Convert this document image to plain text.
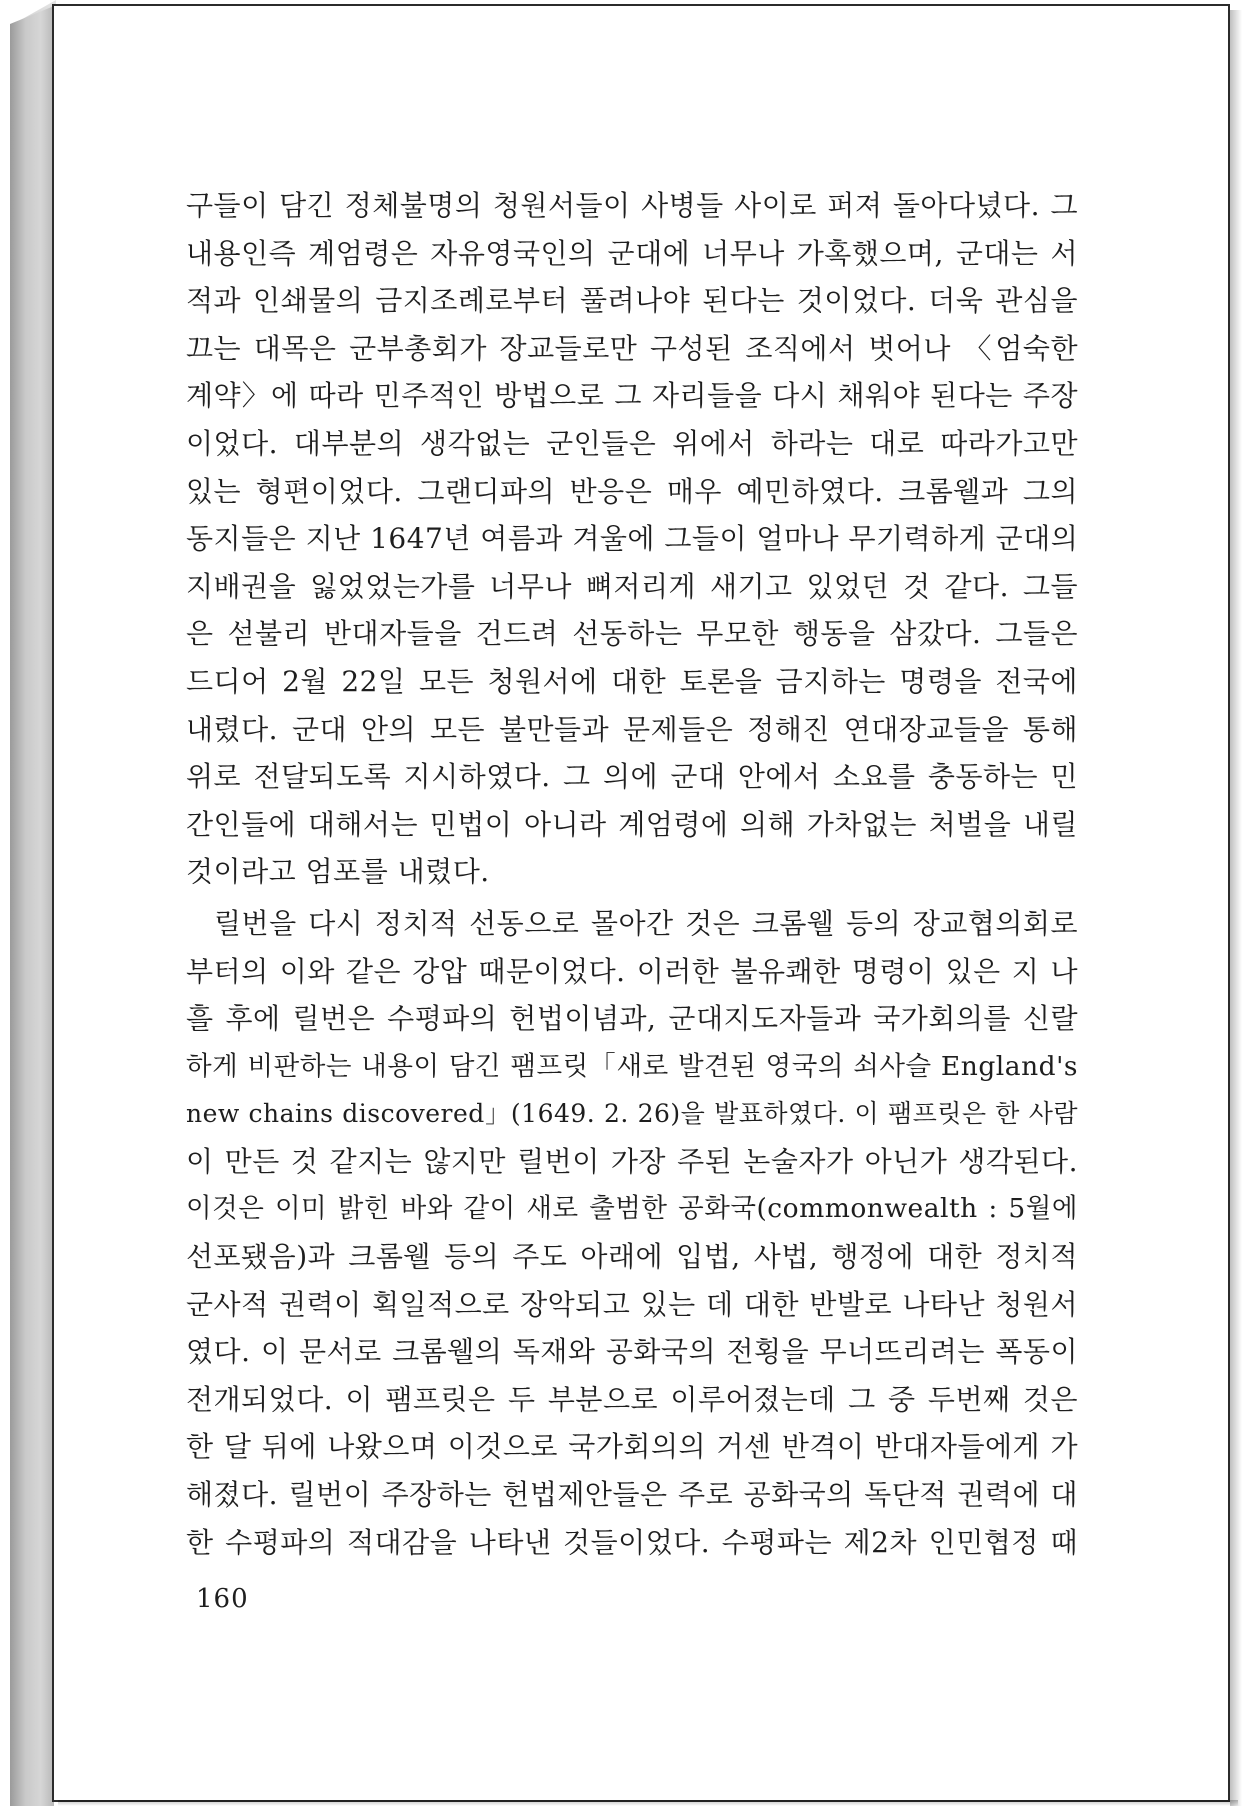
구들이 담긴 정체불명의 청원서들이 사병들 사이로 퍼져 돌아다녔다. 그
내용인즉 계엄령은 자유영국인의 군대에 너무나 가혹했으며, 군대는 서
적과 인쇄물의 금지조례로부터 풀려나야 된다는 것이었다. 더욱 관심을
끄는 대목은 군부총회가 장교들로만 구성된 조직에서 벗어나 〈엄숙한
계약〉에 따라 민주적인 방법으로 그 자리들을 다시 채워야 된다는 주장
이었다. 대부분의 생각없는 군인들은 위에서 하라는 대로 따라가고만
있는 형편이었다. 그랜디파의 반응은 매우 예민하였다. 크롬웰과 그의
동지들은 지난 1647년 여름과 겨울에 그들이 얼마나 무기력하게 군대의
지배권을 잃었었는가를 너무나 뼈저리게 새기고 있었던 것 같다. 그들
은 섣불리 반대자들을 건드려 선동하는 무모한 행동을 삼갔다. 그들은
드디어 2월 22일 모든 청원서에 대한 토론을 금지하는 명령을 전국에
내렸다. 군대 안의 모든 불만들과 문제들은 정해진 연대장교들을 통해
위로 전달되도록 지시하였다. 그 의에 군대 안에서 소요를 충동하는 민
간인들에 대해서는 민법이 아니라 계엄령에 의해 가차없는 처벌을 내릴
것이라고 엄포를 내렸다.
릴번을 다시 정치적 선동으로 몰아간 것은 크롬웰 등의 장교협의회로
부터의 이와 같은 강압 때문이었다. 이러한 불유쾌한 명령이 있은 지 나
흘 후에 릴번은 수평파의 헌법이념과, 군대지도자들과 국가회의를 신랄
하게 비판하는 내용이 담긴 팸프릿「새로 발견된 영국의 쇠사슬 England's
new chains discovered」(1649. 2. 26)을 발표하였다. 이 팸프릿은 한 사람
이 만든 것 같지는 않지만 릴번이 가장 주된 논술자가 아닌가 생각된다.
이것은 이미 밝힌 바와 같이 새로 출범한 공화국(commonwealth : 5월에
선포됐음)과 크롬웰 등의 주도 아래에 입법, 사법, 행정에 대한 정치적
군사적 권력이 획일적으로 장악되고 있는 데 대한 반발로 나타난 청원서
였다. 이 문서로 크롬웰의 독재와 공화국의 전횡을 무너뜨리려는 폭동이
전개되었다. 이 팸프릿은 두 부분으로 이루어졌는데 그 중 두번째 것은
한 달 뒤에 나왔으며 이것으로 국가회의의 거센 반격이 반대자들에게 가
해졌다. 릴번이 주장하는 헌법제안들은 주로 공화국의 독단적 권력에 대
한 수평파의 적대감을 나타낸 것들이었다. 수평파는 제2차 인민협정 때
160
